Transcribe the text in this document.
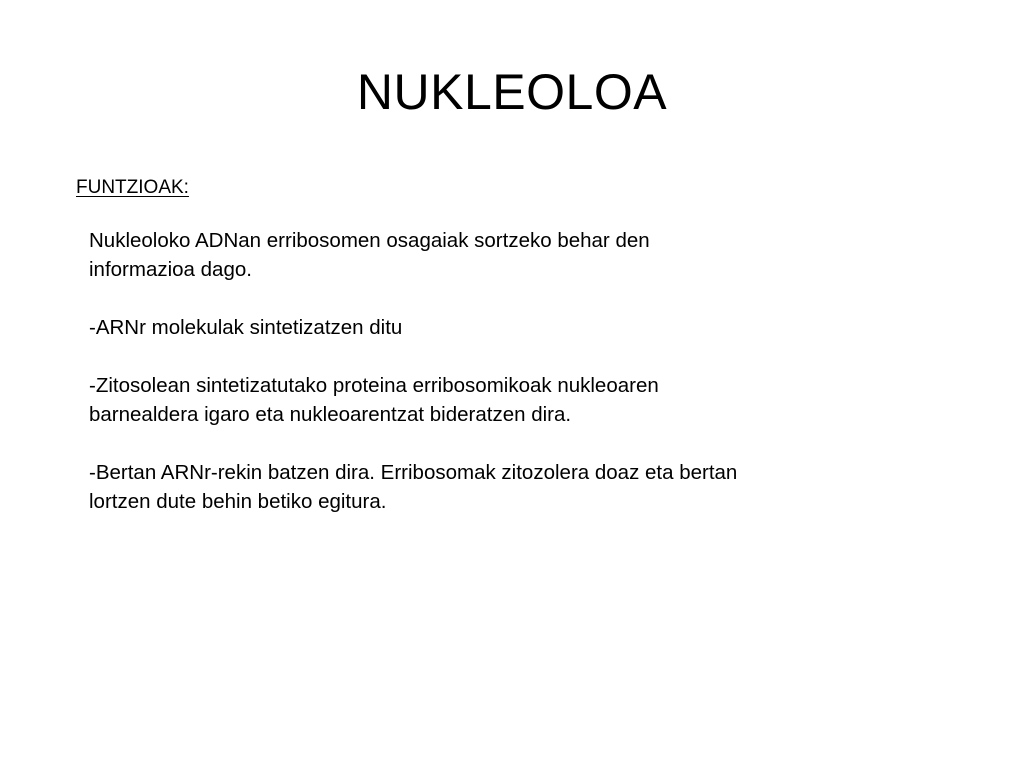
NUKLEOLOA

FUNTZIOAK:

Nukleoloko ADNan erribosomen osagaiak sortzeko behar den
informazioa dago.

-ARNr molekulak sintetizatzen ditu

-Zitosolean sintetizatutako proteina erribosomikoak nukleoaren
barnealdera igaro eta nukleoarentzat bideratzen dira.

-Bertan ARNr-rekin batzen dira. Erribosomak zitozolera doaz eta bertan
lortzen dute behin betiko egitura.
